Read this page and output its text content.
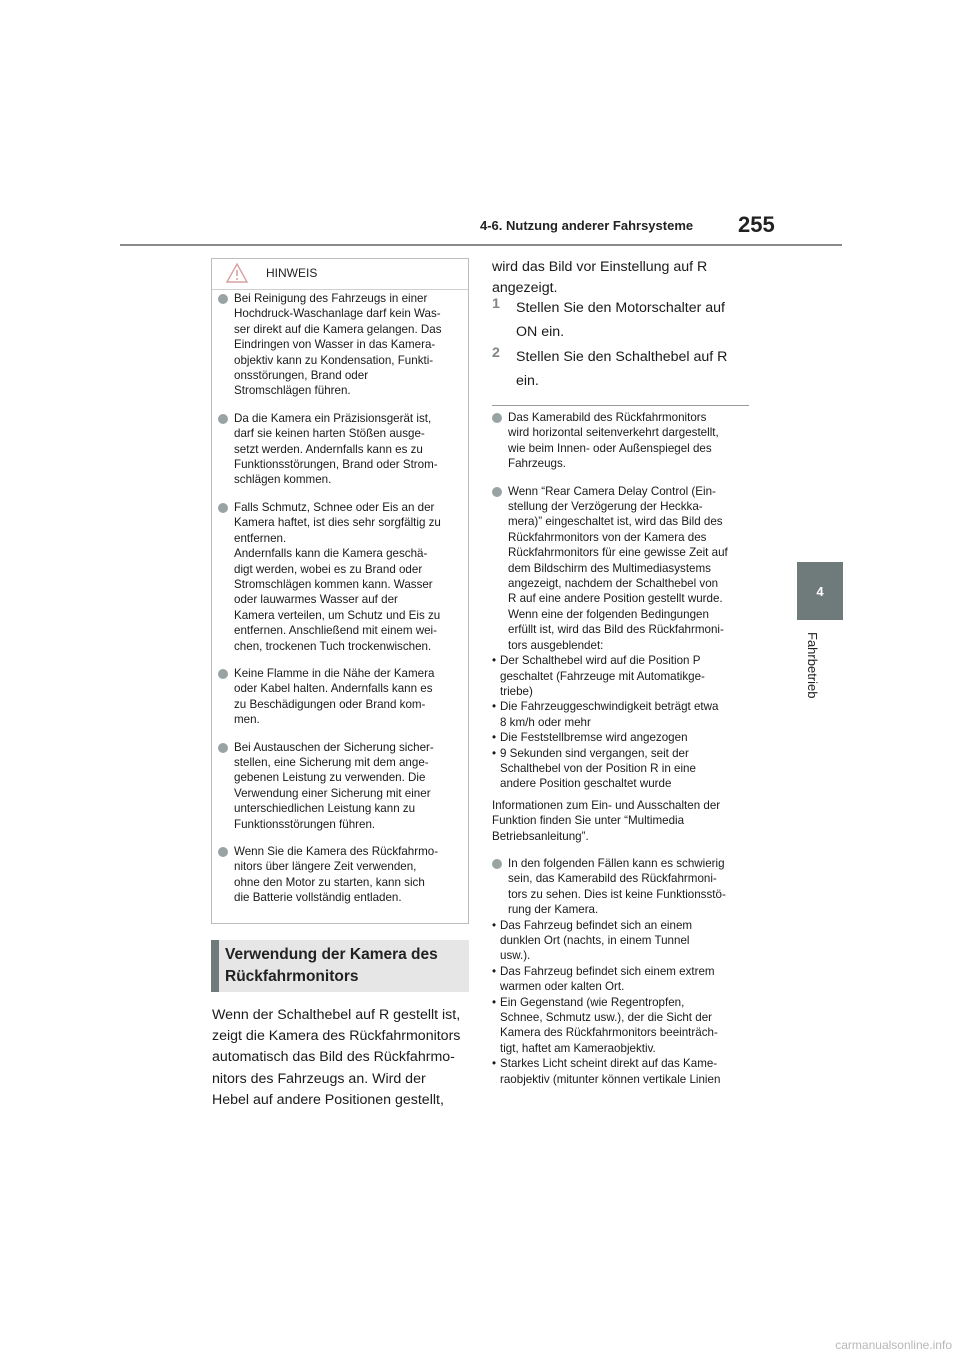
4-6. Nutzung anderer Fahrsysteme 255
4
Fahrbetrieb
HINWEIS
Bei Reinigung des Fahrzeugs in einer
Hochdruck-Waschanlage darf kein Was-
ser direkt auf die Kamera gelangen. Das
Eindringen von Wasser in das Kamera-
objektiv kann zu Kondensation, Funkti-
onsstörungen, Brand oder
Stromschlägen führen.
Da die Kamera ein Präzisionsgerät ist,
darf sie keinen harten Stößen ausge-
setzt werden. Andernfalls kann es zu
Funktionsstörungen, Brand oder Strom-
schlägen kommen.
Falls Schmutz, Schnee oder Eis an der
Kamera haftet, ist dies sehr sorgfältig zu
entfernen.
Andernfalls kann die Kamera geschä-
digt werden, wobei es zu Brand oder
Stromschlägen kommen kann. Wasser
oder lauwarmes Wasser auf der
Kamera verteilen, um Schutz und Eis zu
entfernen. Anschließend mit einem wei-
chen, trockenen Tuch trockenwischen.
Keine Flamme in die Nähe der Kamera
oder Kabel halten. Andernfalls kann es
zu Beschädigungen oder Brand kom-
men.
Bei Austauschen der Sicherung sicher-
stellen, eine Sicherung mit dem ange-
gebenen Leistung zu verwenden. Die
Verwendung einer Sicherung mit einer
unterschiedlichen Leistung kann zu
Funktionsstörungen führen.
Wenn Sie die Kamera des Rückfahrmo-
nitors über längere Zeit verwenden,
ohne den Motor zu starten, kann sich
die Batterie vollständig entladen.
Verwendung der Kamera des
Rückfahrmonitors
Wenn der Schalthebel auf R gestellt ist,
zeigt die Kamera des Rückfahrmonitors
automatisch das Bild des Rückfahrmo-
nitors des Fahrzeugs an. Wird der
Hebel auf andere Positionen gestellt,
wird das Bild vor Einstellung auf R
angezeigt.
1 Stellen Sie den Motorschalter auf
ON ein.
2 Stellen Sie den Schalthebel auf R
ein.
Das Kamerabild des Rückfahrmonitors
wird horizontal seitenverkehrt dargestellt,
wie beim Innen- oder Außenspiegel des
Fahrzeugs.
Wenn “Rear Camera Delay Control (Ein-
stellung der Verzögerung der Heckka-
mera)” eingeschaltet ist, wird das Bild des
Rückfahrmonitors von der Kamera des
Rückfahrmonitors für eine gewisse Zeit auf
dem Bildschirm des Multimediasystems
angezeigt, nachdem der Schalthebel von
R auf eine andere Position gestellt wurde.
Wenn eine der folgenden Bedingungen
erfüllt ist, wird das Bild des Rückfahrmoni-
tors ausgeblendet:
• Der Schalthebel wird auf die Position P
geschaltet (Fahrzeuge mit Automatikge-
triebe)
• Die Fahrzeuggeschwindigkeit beträgt etwa
8 km/h oder mehr
• Die Feststellbremse wird angezogen
• 9 Sekunden sind vergangen, seit der
Schalthebel von der Position R in eine
andere Position geschaltet wurde
Informationen zum Ein- und Ausschalten der
Funktion finden Sie unter “Multimedia
Betriebsanleitung”.
In den folgenden Fällen kann es schwierig
sein, das Kamerabild des Rückfahrmoni-
tors zu sehen. Dies ist keine Funktionsstö-
rung der Kamera.
• Das Fahrzeug befindet sich an einem
dunklen Ort (nachts, in einem Tunnel
usw.).
• Das Fahrzeug befindet sich einem extrem
warmen oder kalten Ort.
• Ein Gegenstand (wie Regentropfen,
Schnee, Schmutz usw.), der die Sicht der
Kamera des Rückfahrmonitors beeinträch-
tigt, haftet am Kameraobjektiv.
• Starkes Licht scheint direkt auf das Kame-
raobjektiv (mitunter können vertikale Linien
carmanualsonline.info
